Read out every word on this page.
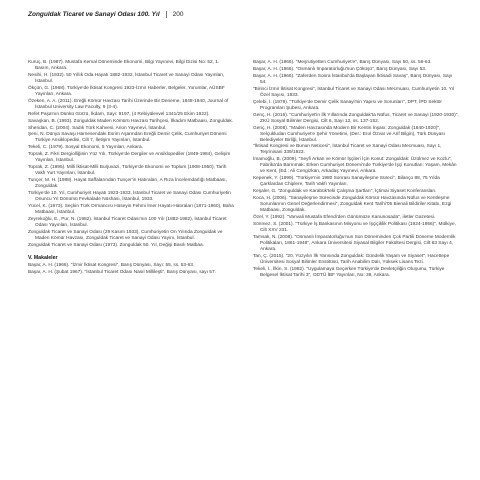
Zonguldak Ticaret ve Sanayi Odası 100. Yıl	200

Kuruç, B. (1987). Mustafa Kemal Döneminde Ekonomi, Bilgi Yayınevi, Bilgi Dizisi No: 52, 1. Basım, Ankara.

Nesihi, H. (1932). 50 Yıllık Oda Hayatı 1882-1932, İstanbul Ticaret ve Sanayi Odası Yayınları, İstanbul.

Ökçün, G. (1968). Türkiye'de İktisat Kongresi 1923-İzmir Haberler, Belgeler, Yorumlar, AÜSBF Yayınları, Ankara.

Özeken, A. A. (2011). Ereğli Kömür Havzası Tarihi Üzerinde Bir Deneme, 1848-1940, Journal of İstanbul University Law Faculty, 9 (3-4).

Refet Paşa'nın Dünkü Gürzü, İkdam, Sayı: 9197, (4 Rebiyülevvel 1341/25 Ekim 1922).

Savaşkan, B. (1993). Zonguldak Maden Kömürü Havzası Tarihçesi, İlkadım Matbaası, Zonguldak.

Sheridan, C. (2004). Sadık Türk Kahvesi, Arion Yayınevi, İstanbul.

Şeni, N. Dünya Savaşı Harnesendaki Esrim Aşarından Ereğli Demir Çelik, Cumhuriyet Dönemi Türkiye Ansiklopedisi, Cilt 7, İletişim Yayınları, İstanbul.

Tekeli, C. (1979). Sosyal Ekonomi, 5 Yayınları, Ankara.

Toprak, Z. Fikri Dergiolliğinin Yüz Yılı, Türkiye'de Dergiler ve Ansiklopediler (1849-1984), Gelişim Yayınları, İstanbul.

Toprak, Z. (1995). Milli İktisat-Milli Burjuvazi, Türkiye'de Ekonomi ve Toplum (1908-1950), Tarih Vakfı Yurt Yayınları, İstanbul.

Tunçer, M. H. (1988). Hayat Saffalarından Tunçer'in Hatıraları, A Rıza İncelemdarlığı Matbaası, Zonguldak.

Türkiye'de 10. Yıl, Cumhuriyet Hayatı 1923-1933, İstanbul Ticaret ve Sanayi Odası Cumhuriyetin Onuncu Yıl Dönümü Fevkalade Nüshası, İstanbul, 1933.

Yücel, K. (1973). Seçkin Türk Ormancısı Hüseyin Fehmi İmer Hayatı-Hatıraları (1871-1960), Baha Matbaası, İstanbul.

Zeyrekoğlu, E., Pur, N. (1982). İstanbul Ticaret Odası'nın 100 Yılı (1882-1982), İstanbul Ticaret Odası Yayınları, İstanbul.

Zonguldak Ticaret ve Sanayi Odası (29 Kasım 1933), Cumhuriyetin On Yılında Zonguldak ve Maden Kömür Havzası, Zonguldak Ticaret ve Sanayi Odası Yayını, İstanbul.

Zonguldak Ticaret ve Sanayi Odası (1973). Zonguldak 50. Yıl, Değişi Basılı Matbaa.

V. Makaleler

Başar, A. H. (1966). "İzmir İktisat Kongresi", Barış Dünyası, Sayı: 55, ss. 53-63.

Başar, A. H. (Şubat 1967). "İstanbul Ticaret Odası Nasıl Millileşti", Barış Dünyası, sayı 57.

Başar, A. H. (1966). "Meşrutiyetten Cumhuriyet'e", Barış Dünyası, Sayı 50, ss. 56-63.

Başar, A. H. (1966). "Osmanlı İmparatorluğu'nun Çöküşü", Barış Dünyası, Sayı 53.

Başar, A. H. (1966). "Zaferden Sonra İstanbul'da Başlayan İktisadi Savaş", Barış Dünyası, Sayı 54.

"Birinci İzmir İktisat Kongresi", İstanbul Ticaret ve Sanayi Odası Mecmuası, Cumhuriyetin 10. Yıl Özel Sayısı, 1933.

Çelebi, İ. (1979). "Türkiye'de Demir Çelik Sanayi'nin Yapısı ve Sorunları", DPT, İPD Sektör Programları Şubesi, Ankara.

Genç, H. (2016). "Cumhuriyet'in İlk Yıllarında Zonguldak'ta Nüfus, Ticaret ve Sanayi (1920-1930)", ZKÜ Sosyal Bilimler Dergisi, Cilt 6, Sayı 12, ss. 137-152.

Genç, H. (2008). "Maden Havzasında Modern Bir Kentin İnşası: Zonguldak (1840-1920)", Selçukludan Cumhuriyet'e Şehir Yönetimi, (Der.: Erol Özvar ve Arif Bilgin), Türk Dünyası Belediyeler Birliği, İstanbul.

"İktisad Kongresi ve Bunun Neticesi", İstanbul Ticaret ve Sanayi Odası Mecmuası, Sayı 1, Teşrinisani 339/1923.

İmamoğlu, B. (2009). "Seyfi Arkan ve Kömür İşçileri İçin Konut: Zonguldak: Üzülmez ve Kozlu", Fabrika'da Barınmak: Erken Cumhuriyet Dönemi'nde Türkiye'de İşçi Konutları: Yaşam, Mekân ve Kent, (Ed.: Ali Cengizkan, Arkadaş Yayınevi, Ankara.

Kepenek, Y. (1999). "Türkiye'nin 1980 Sonrası Sanayileşme Süreci", Bilanço 88, 75 Yılda Çarklardan Chiplere, Tarih Vakfı Yayınları.

Keşaler, G. "Zonguldak ve Karabük'teki Çalışma Şartları", İçtimai Siyaset Konferansları.

Koca, H. (2006). "Sanayileşme Sürecinde Zonguldak Kömür Havzasında Nüfus ve Kentleşme Sorunlarının Genel Değerlendirmesi", Zonguldak Kent Tarihi'05 Bienali Bildiriler Kitabı, Ezgi Matbaası, Zonguldak.

Özel, Y. (1992). "Vanvali Mustafa Efendi'den Günümüze Kanunosada", iletler Gazetesi.

Sönmez, S. (2001). "Türkiye İş Bankasının Misyonu ve İşçiçiklik Politikası (1924-1956)", Mülkiye, Cilt XXV 231.

Tamsak, N. (2008). "Osmanlı İmparatorluğu'nun Son Döneminden Çok Partili Döneme Modernlik Politikaları, 1861-1948", Ankara Üniversitesi Siyasal Bilgiler Fakültesi Dergisi, Cilt 63 Sayı 4, Ankara.

Tan, Ç. (2015). "20. Yüzyılın İlk Yarısında Zonguldak: Gündelik Yaşam ve Siyaset", Hacettepe Üniversitesi Sosyal Bilimler Enstitüsü, Tarih Anabilim Dalı, Yüksek Lisans Tezi.

Tekeli, İ., İlkin, S. (1982). "Uygulamaya Geçerken Türkiye'de Devletçiliğin Oluşumu, Türkiye Belgesel İktisat Tarihi 3", ODTÜ İBF Yayınları, No: 39, Ankara.
